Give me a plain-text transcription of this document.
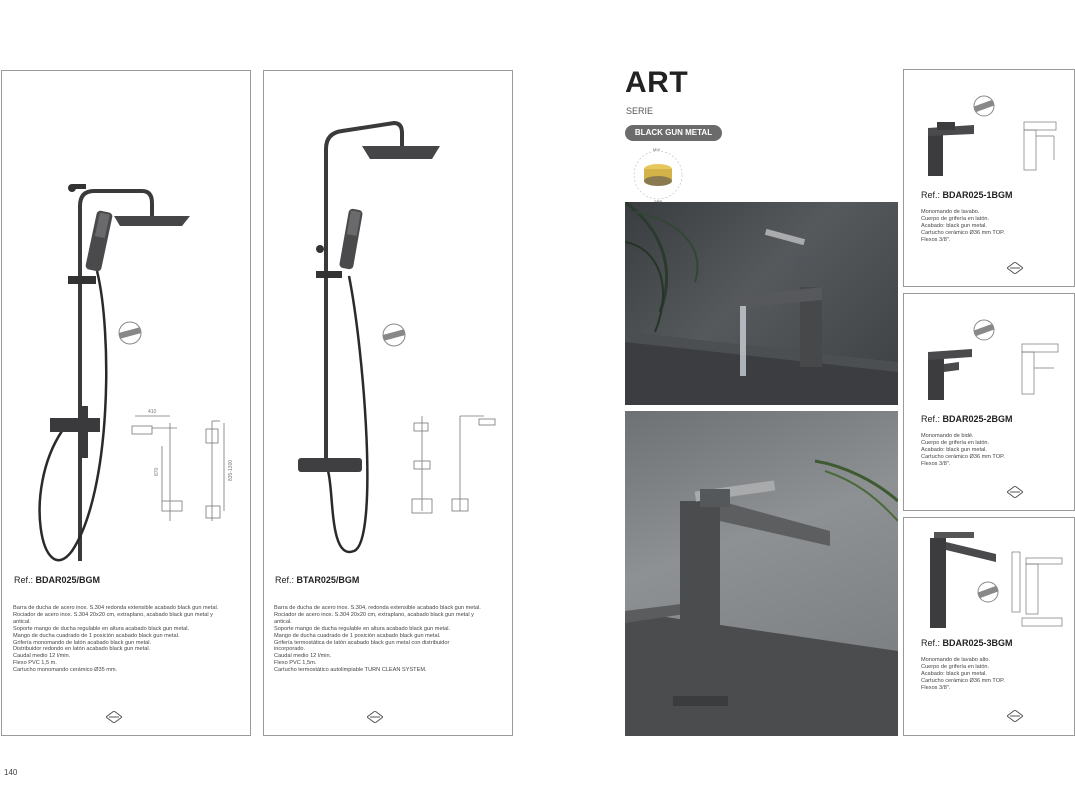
410
870	835-1300
Ref.: BDAR025/BGM
Barra de ducha de acero inox. S.304 redonda extensible acabado black gun metal.
Rociador de acero inox. S.304 20x20 cm, extraplano, acabado black gun metal y
antical.
Soporte mango de ducha regulable en altura acabado black gun metal.
Mango de ducha cuadrado de 1 posición acabado black gun metal.
Grifería monomando de latón acabado black gun metal.
Distribuidor redondo en latón acabado black gun metal.
Caudal medio 12 l/min.
Flexo PVC 1,5 m.
Cartucho monomando cerámico Ø35 mm.
Ref.: BTAR025/BGM
Barra de ducha de acero inox. S.304, redonda extensible acabado black gun metal.
Rociador de acero inox. S.304 20x20 cm, extraplano, acabado black gun metal y
antical.
Soporte mango de ducha regulable en altura acabado black gun metal.
Mango de ducha cuadrado de 1 posición acabado black gun metal.
Grifería termostática de latón acabado black gun metal con distribuidor
incorporado.
Caudal medio 12 l/min.
Flexo PVC 1,5m.
Cartucho termostático autolimpiable TURN CLEAN SYSTEM.
140
ART
SERIE
BLACK GUN METAL
MIX
Ref.: BDAR025-1BGM
Monomando de lavabo.
Cuerpo de grifería en latón.
Acabado: black gun metal.
Cartucho cerámico Ø36 mm TOP.
Flexos 3/8".
Ref.: BDAR025-2BGM
Monomando de bidé.
Cuerpo de grifería en latón.
Acabado: black gun metal.
Cartucho cerámico Ø36 mm TOP.
Flexos 3/8".
Ref.: BDAR025-3BGM
Monomando de lavabo alto.
Cuerpo de grifería en latón.
Acabado: black gun metal.
Cartucho cerámico Ø36 mm TOP.
Flexos 3/8".
